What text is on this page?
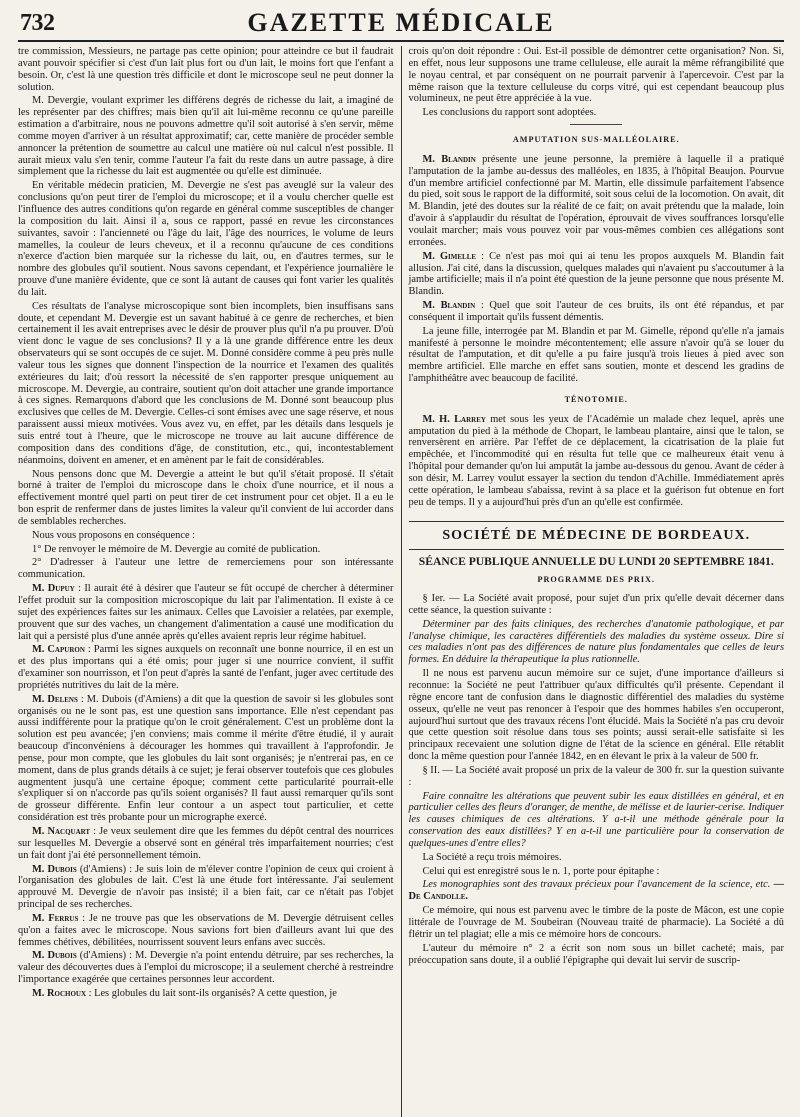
732	GAZETTE MÉDICALE

tre commission, Messieurs, ne partage pas cette opinion; pour atteindre ce but il faudrait avant pouvoir spécifier si c'est d'un lait plus fort ou d'un lait, le moins fort que l'enfant a besoin. Or, c'est là une question très difficile et dont le microscope seul ne peut donner la solution.

M. Devergie, voulant exprimer les différens degrés de richesse du lait, a imaginé de les représenter par des chiffres; mais bien qu'il ait lui-même reconnu ce qu'une pareille estimation a d'arbitraire, nous ne pouvons admettre qu'il soit autorisé à s'en servir, même comme moyen d'arriver à un résultat approximatif; car, cette manière de procéder semble annoncer la prétention de soumettre au calcul une matière où nul calcul n'est possible. Il aurait mieux valu s'en tenir, comme l'auteur l'a fait du reste dans un autre passage, à dire simplement que la richesse du lait est augmentée ou qu'elle est diminuée.

En véritable médecin praticien, M. Devergie ne s'est pas aveuglé sur la valeur des conclusions qu'on peut tirer de l'emploi du microscope; et il a voulu chercher quelle est l'influence des autres conditions qu'on regarde en général comme susceptibles de changer la composition du lait. Ainsi il a, sous ce rapport, passé en revue les circonstances suivantes, savoir : l'ancienneté ou l'âge du lait, l'âge des nourrices, le volume de leurs mamelles, la couleur de leurs cheveux, et il a reconnu qu'aucune de ces conditions n'exerce d'action bien marquée sur la richesse du lait, ou, en d'autres termes, sur le nombre des globules qu'il soutient. Nous savons cependant, et l'expérience journalière le prouve d'une manière évidente, que ce sont là autant de causes qui font varier les qualités du lait.

Ces résultats de l'analyse microscopique sont bien incomplets, bien insuffisans sans doute, et cependant M. Devergie est un savant habitué à ce genre de recherches, et bien certainement il les avait entreprises avec le désir de prouver plus qu'il n'a pu prouver. D'où vient donc le vague de ses conclusions? Il y a là une grande différence entre les deux observateurs qui se sont occupés de ce sujet. M. Donné considère comme à peu près nulle valeur tous les signes que donnent l'inspection de la nourrice et l'examen des qualités extérieures du lait; d'où ressort la nécessité de s'en rapporter presque uniquement au microscope. M. Devergie, au contraire, soutient qu'on doit attacher une grande importance à ces signes. Remarquons d'abord que les conclusions de M. Donné sont beaucoup plus exclusives que celles de M. Devergie. Celles-ci sont émises avec une sage réserve, et nous paraissent aussi mieux motivées. Vous avez vu, en effet, par les détails dans lesquels je suis entré tout à l'heure, que le microscope ne trouve au lait aucune différence de composition dans des conditions d'âge, de constitution, etc., qui, incontestablement néanmoins, doivent en amener, et en amènent par le fait de considérables.

Nous pensons donc que M. Devergie a atteint le but qu'il s'était proposé. Il s'était borné à traiter de l'emploi du microscope dans le choix d'une nourrice, et il nous a effectivement montré quel parti on peut tirer de cet instrument pour cet objet. Il a eu le bon esprit de renfermer dans de justes limites la valeur qu'il convient de lui accorder dans de semblables recherches.

Nous vous proposons en conséquence :

1° De renvoyer le mémoire de M. Devergie au comité de publication.

2° D'adresser à l'auteur une lettre de remerciemens pour son intéressante communication.

M. Dupuy : Il aurait été à désirer que l'auteur se fût occupé de chercher à déterminer l'effet produit sur la composition microscopique du lait par l'alimentation. Il existe à ce sujet des expériences faites sur les animaux. Celles que Lavoisier a relatées, par exemple, prouvent que sur des vaches, un changement d'alimentation a causé une modification du lait qui a persisté plus d'une année après qu'elles avaient repris leur régime habituel.

M. Capuron : Parmi les signes auxquels on reconnaît une bonne nourrice, il en est un et des plus importans qui a été omis; pour juger si une nourrice convient, il suffit d'examiner son nourrisson, et l'on peut d'après la santé de l'enfant, juger avec certitude des propriétés nutritives du lait de la mère.

M. Delens : M. Dubois (d'Amiens) a dit que la question de savoir si les globules sont organisés ou ne le sont pas, est une question sans importance. Elle n'est cependant pas aussi indifférente pour la pratique qu'on le croit généralement. C'est un problème dont la solution est peu avancée; j'en conviens; mais comme il mérite d'être étudié, il y aurait beaucoup d'inconvéniens à décourager les hommes qui travaillent à l'approfondir. Je pense, pour mon compte, que les globules du lait sont organisés; je n'entrerai pas, en ce moment, dans de plus grands détails à ce sujet; je ferai observer toutefois que ces globules augmentent jusqu'à une certaine époque; comment cette particularité pourrait-elle s'expliquer si on n'accorde pas qu'ils soient organisés? Il faut aussi remarquer qu'ils sont de grosseur différente. Enfin leur contour a un aspect tout particulier, et cette considération est très probante pour un micrographe exercé.

M. Nacquart : Je veux seulement dire que les femmes du dépôt central des nourrices sur lesquelles M. Devergie a observé sont en général très imparfaitement nourries; c'est un fait dont j'ai été personnellement témoin.

M. Dubois (d'Amiens) : Je suis loin de m'élever contre l'opinion de ceux qui croient à l'organisation des globules de lait. C'est là une étude fort intéressante. J'ai seulement approuvé M. Devergie de n'avoir pas insisté; il a bien fait, car ce n'était pas l'objet principal de ses recherches.

M. Ferrus : Je ne trouve pas que les observations de M. Devergie détruisent celles qu'on a faites avec le microscope. Nous savions fort bien d'ailleurs avant lui que des femmes chétives, débilitées, nourrissent souvent leurs enfans avec succès.

M. Dubois (d'Amiens) : M. Devergie n'a point entendu détruire, par ses recherches, la valeur des découvertes dues à l'emploi du microscope; il a seulement cherché à restreindre l'importance exagérée que certaines personnes leur accordent.

M. Rochoux : Les globules du lait sont-ils organisés? A cette question, je

crois qu'on doit répondre : Oui. Est-il possible de démontrer cette organisation? Non. Si, en effet, nous leur supposons une trame celluleuse, elle aurait la même réfrangibilité que le noyau central, et par conséquent on ne pourrait parvenir à l'apercevoir. C'est par la même raison que la texture celluleuse du corps vitré, qui est cependant beaucoup plus volumineux, ne peut être appréciée à la vue.

Les conclusions du rapport sont adoptées.

AMPUTATION SUS-MALLÉOLAIRE.

M. Blandin présente une jeune personne, la première à laquelle il a pratiqué l'amputation de la jambe au-dessus des malléoles, en 1835, à l'hôpital Beaujon. Pourvue d'un membre artificiel confectionné par M. Martin, elle dissimule parfaitement l'absence du pied, soit sous le rapport de la difformité, soit sous celui de la locomotion. On avait, dit M. Blandin, jeté des doutes sur la réalité de ce fait; on avait prétendu que la malade, loin d'avoir à s'applaudir du résultat de l'opération, éprouvait de vives souffrances lorsqu'elle voulait marcher; mais vous pouvez voir par vous-mêmes combien ces allégations sont erronées.

M. Gimelle : Ce n'est pas moi qui ai tenu les propos auxquels M. Blandin fait allusion. J'ai cité, dans la discussion, quelques malades qui n'avaient pu s'accoutumer à la jambe artificielle; mais il n'a point été question de la jeune personne que nous présente M. Blandin.

M. Blandin : Quel que soit l'auteur de ces bruits, ils ont été répandus, et par conséquent il importait qu'ils fussent démentis.

La jeune fille, interrogée par M. Blandin et par M. Gimelle, répond qu'elle n'a jamais manifesté à personne le moindre mécontentement; elle assure n'avoir qu'à se louer du résultat de l'amputation, et dit qu'elle a pu faire jusqu'à trois lieues à pied avec son membre artificiel. Elle marche en effet sans soutien, monte et descend les gradins de l'amphithéâtre avec beaucoup de facilité.

TÉNOTOMIE.

M. H. Larrey met sous les yeux de l'Académie un malade chez lequel, après une amputation du pied à la méthode de Chopart, le lambeau plantaire, ainsi que le talon, se renversèrent en arrière. Par l'effet de ce déplacement, la cicatrisation de la plaie fut empêchée, et l'incommodité qui en résulta fut telle que ce malheureux était venu à l'hôpital pour demander qu'on lui amputât la jambe au-dessous du genou. Avant de céder à son désir, M. Larrey voulut essayer la section du tendon d'Achille. Immédiatement après cette opération, le lambeau s'abaissa, revint à sa place et la guérison fut obtenue en fort peu de temps. Il y a aujourd'hui près d'un an qu'elle est confirmée.

SOCIÉTÉ DE MÉDECINE DE BORDEAUX.

SÉANCE PUBLIQUE ANNUELLE DU LUNDI 20 SEPTEMBRE 1841.

PROGRAMME DES PRIX.

§ Ier. — La Société avait proposé, pour sujet d'un prix qu'elle devait décerner dans cette séance, la question suivante :

Déterminer par des faits cliniques, des recherches d'anatomie pathologique, et par l'analyse chimique, les caractères différentiels des maladies du système osseux. Dire si ces maladies n'ont pas des différences de nature plus fondamentales que celles de leurs formes. En déduire la thérapeutique la plus rationnelle.

Il ne nous est parvenu aucun mémoire sur ce sujet, d'une importance d'ailleurs si reconnue: la Société ne peut l'attribuer qu'aux difficultés qu'il présente. Cependant il règne encore tant de confusion dans le diagnostic différentiel des maladies du système osseux, qu'elle ne veut pas renoncer à l'espoir que des hommes habiles s'en occuperont, aujourd'hui surtout que des travaux récens l'ont élucidé. Mais la Société n'a pas cru devoir que cette question soit résolue dans tous ses points; aussi serait-elle satisfaite si les principaux recevaient une solution digne de l'état de la science en général. Elle rétablit donc la même question pour l'année 1842, en en élevant le prix à la valeur de 500 fr.

§ II. — La Société avait proposé un prix de la valeur de 300 fr. sur la question suivante :

Faire connaître les altérations que peuvent subir les eaux distillées en général, et en particulier celles des fleurs d'oranger, de menthe, de mélisse et de laurier-cerise. Indiquer les causes chimiques de ces altérations. Y a-t-il une méthode générale pour la conservation des eaux distillées? Y en a-t-il une particulière pour la conservation de quelques-unes d'entre elles?

La Société a reçu trois mémoires.

Celui qui est enregistré sous le n. 1, porte pour épitaphe :

Les monographies sont des travaux précieux pour l'avancement de la science, etc. — De Candolle.

Ce mémoire, qui nous est parvenu avec le timbre de la poste de Mâcon, est une copie littérale de l'ouvrage de M. Soubeiran (Nouveau traité de pharmacie). La Société a dû flétrir un tel plagiat; elle a mis ce mémoire hors de concours.

L'auteur du mémoire n° 2 a écrit son nom sous un billet cacheté; mais, par préoccupation sans doute, il a oublié l'épigraphe qui devait lui servir de suscrip-
